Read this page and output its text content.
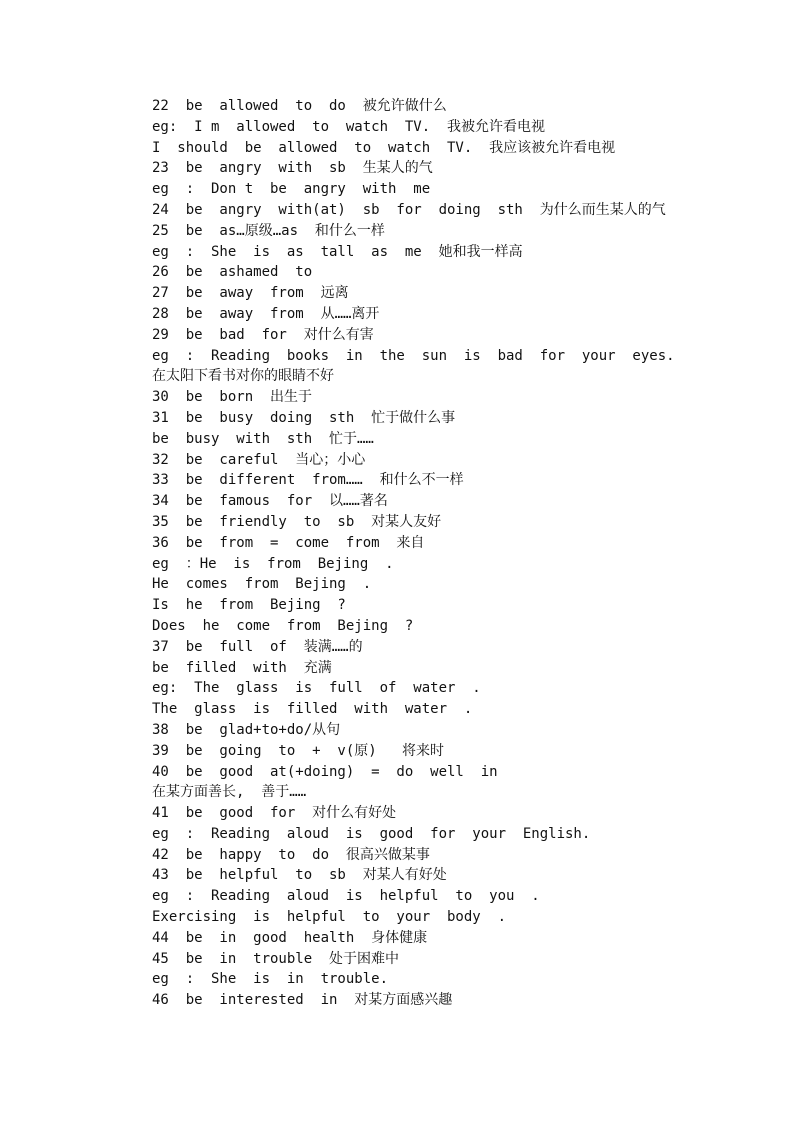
22  be  allowed  to  do  被允许做什么
eg:  I m  allowed  to  watch  TV.  我被允许看电视
I  should  be  allowed  to  watch  TV.  我应该被允许看电视
23  be  angry  with  sb  生某人的气
eg  :  Don t  be  angry  with  me
24  be  angry  with(at)  sb  for  doing  sth  为什么而生某人的气
25  be  as…原级…as  和什么一样
eg  :  She  is  as  tall  as  me  她和我一样高
26  be  ashamed  to
27  be  away  from  远离
28  be  away  from  从……离开
29  be  bad  for  对什么有害
eg  :  Reading  books  in  the  sun  is  bad  for  your  eyes.
在太阳下看书对你的眼睛不好
30  be  born  出生于
31  be  busy  doing  sth  忙于做什么事
be  busy  with  sth  忙于……
32  be  careful  当心；小心
33  be  different  from……  和什么不一样
34  be  famous  for  以……著名
35  be  friendly  to  sb  对某人友好
36  be  from  =  come  from  来自
eg  ：He  is  from  Bejing  .
He  comes  from  Bejing  .
Is  he  from  Bejing  ?
Does  he  come  from  Bejing  ?
37  be  full  of  装满……的
be  filled  with  充满
eg:  The  glass  is  full  of  water  .
The  glass  is  filled  with  water  .
38  be  glad+to+do/从句
39  be  going  to  +  v(原)   将来时
40  be  good  at(+doing)  =  do  well  in
在某方面善长,  善于……
41  be  good  for  对什么有好处
eg  :  Reading  aloud  is  good  for  your  English.
42  be  happy  to  do  很高兴做某事
43  be  helpful  to  sb  对某人有好处
eg  :  Reading  aloud  is  helpful  to  you  .
Exercising  is  helpful  to  your  body  .
44  be  in  good  health  身体健康
45  be  in  trouble  处于困难中
eg  :  She  is  in  trouble.
46  be  interested  in  对某方面感兴趣
